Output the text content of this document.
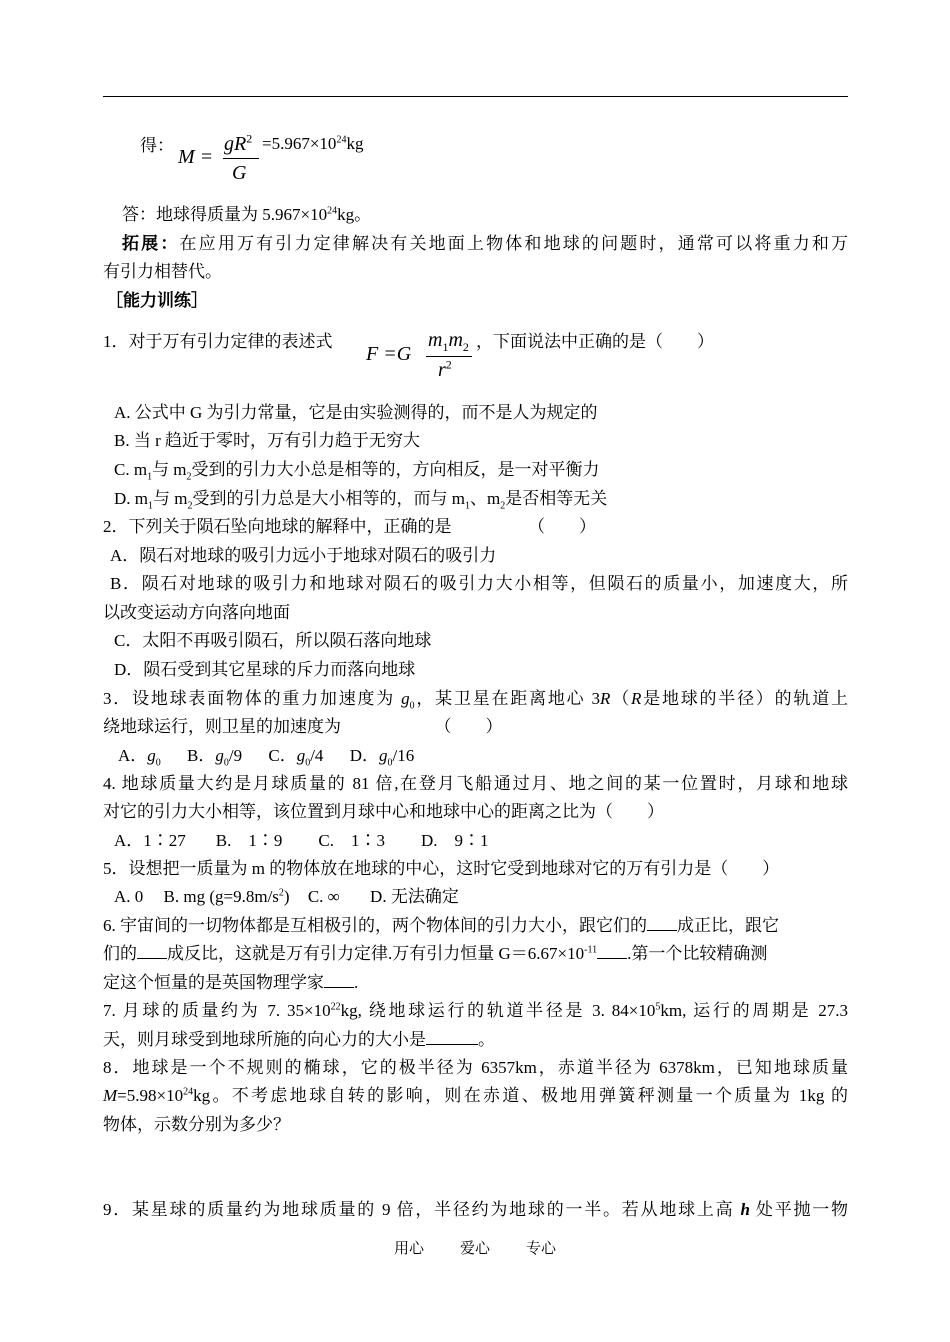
得：
M =
$gR^2$
G
$=5.967\times 10^{24}kg$
答：地球得质量为 $5.967\times 10^{24}kg$。
拓展：在应用万有引力定律解决有关地面上物体和地球的问题时，通常可以将重力和万
有引力相替代。
［能力训练］
1．对于万有引力定律的表述式
F =G
$m_1m_2$
$r^2$
，下面说法中正确的是（　　）
A. 公式中 G 为引力常量，它是由实验测得的，而不是人为规定的
B. 当 r 趋近于零时，万有引力趋于无穷大
C. $m_1$与 $m_2$受到的引力大小总是相等的，方向相反，是一对平衡力
D. $m_1$与 $m_2$受到的引力总是大小相等的，而与 $m_1$、$m_2$是否相等无关
2．下列关于陨石坠向地球的解释中，正确的是　　　　　（　　）
A．陨石对地球的吸引力远小于地球对陨石的吸引力
B．陨石对地球的吸引力和地球对陨石的吸引力大小相等，但陨石的质量小，加速度大，所
以改变运动方向落向地面
C．太阳不再吸引陨石，所以陨石落向地球
D．陨石受到其它星球的斥力而落向地球
3．设地球表面物体的重力加速度为 $g_0$，某卫星在距离地心 3R（R是地球的半径）的轨道上
绕地球运行，则卫星的加速度为　　　　　　（　　）
A．$g_0$ B．$g_0/9$ C．$g_0/4$ D．$g_0/16$
4. 地球质量大约是月球质量的 81 倍,在登月飞船通过月、地之间的某一位置时，月球和地球
对它的引力大小相等，该位置到月球中心和地球中心的距离之比为（　　）
A．1∶27 B.　1∶9 C.　1∶3 D.　9∶1
5．设想把一质量为 m 的物体放在地球的中心，这时它受到地球对它的万有引力是（　　）
A. 0 B. mg $(g=9.8m/s^2)$ C. ∞ D. 无法确定
6. 宇宙间的一切物体都是互相极引的，两个物体间的引力大小，跟它们的 成正比，跟它
们的 成反比，这就是万有引力定律.万有引力恒量 $G=6.67\times 10^{-11}$ .第一个比较精确测
定这个恒量的是英国物理学家 .
7. 月球的质量约为 7. $35\times 10^{22}kg$, 绕地球运行的轨道半径是 3. $84\times 10^5km$, 运行的周期是 27.3
天，则月球受到地球所施的向心力的大小是	。
8．地球是一个不规则的椭球，它的极半径为 6357km，赤道半径为 6378km，已知地球质量
$M=5.98\times 10^{24}kg$。不考虑地球自转的影响，则在赤道、极地用弹簧秤测量一个质量为 1kg 的
物体，示数分别为多少？
9．某星球的质量约为地球质量的 9 倍，半径约为地球的一半。若从地球上高 h 处平抛一物
用心 爱心 专心
